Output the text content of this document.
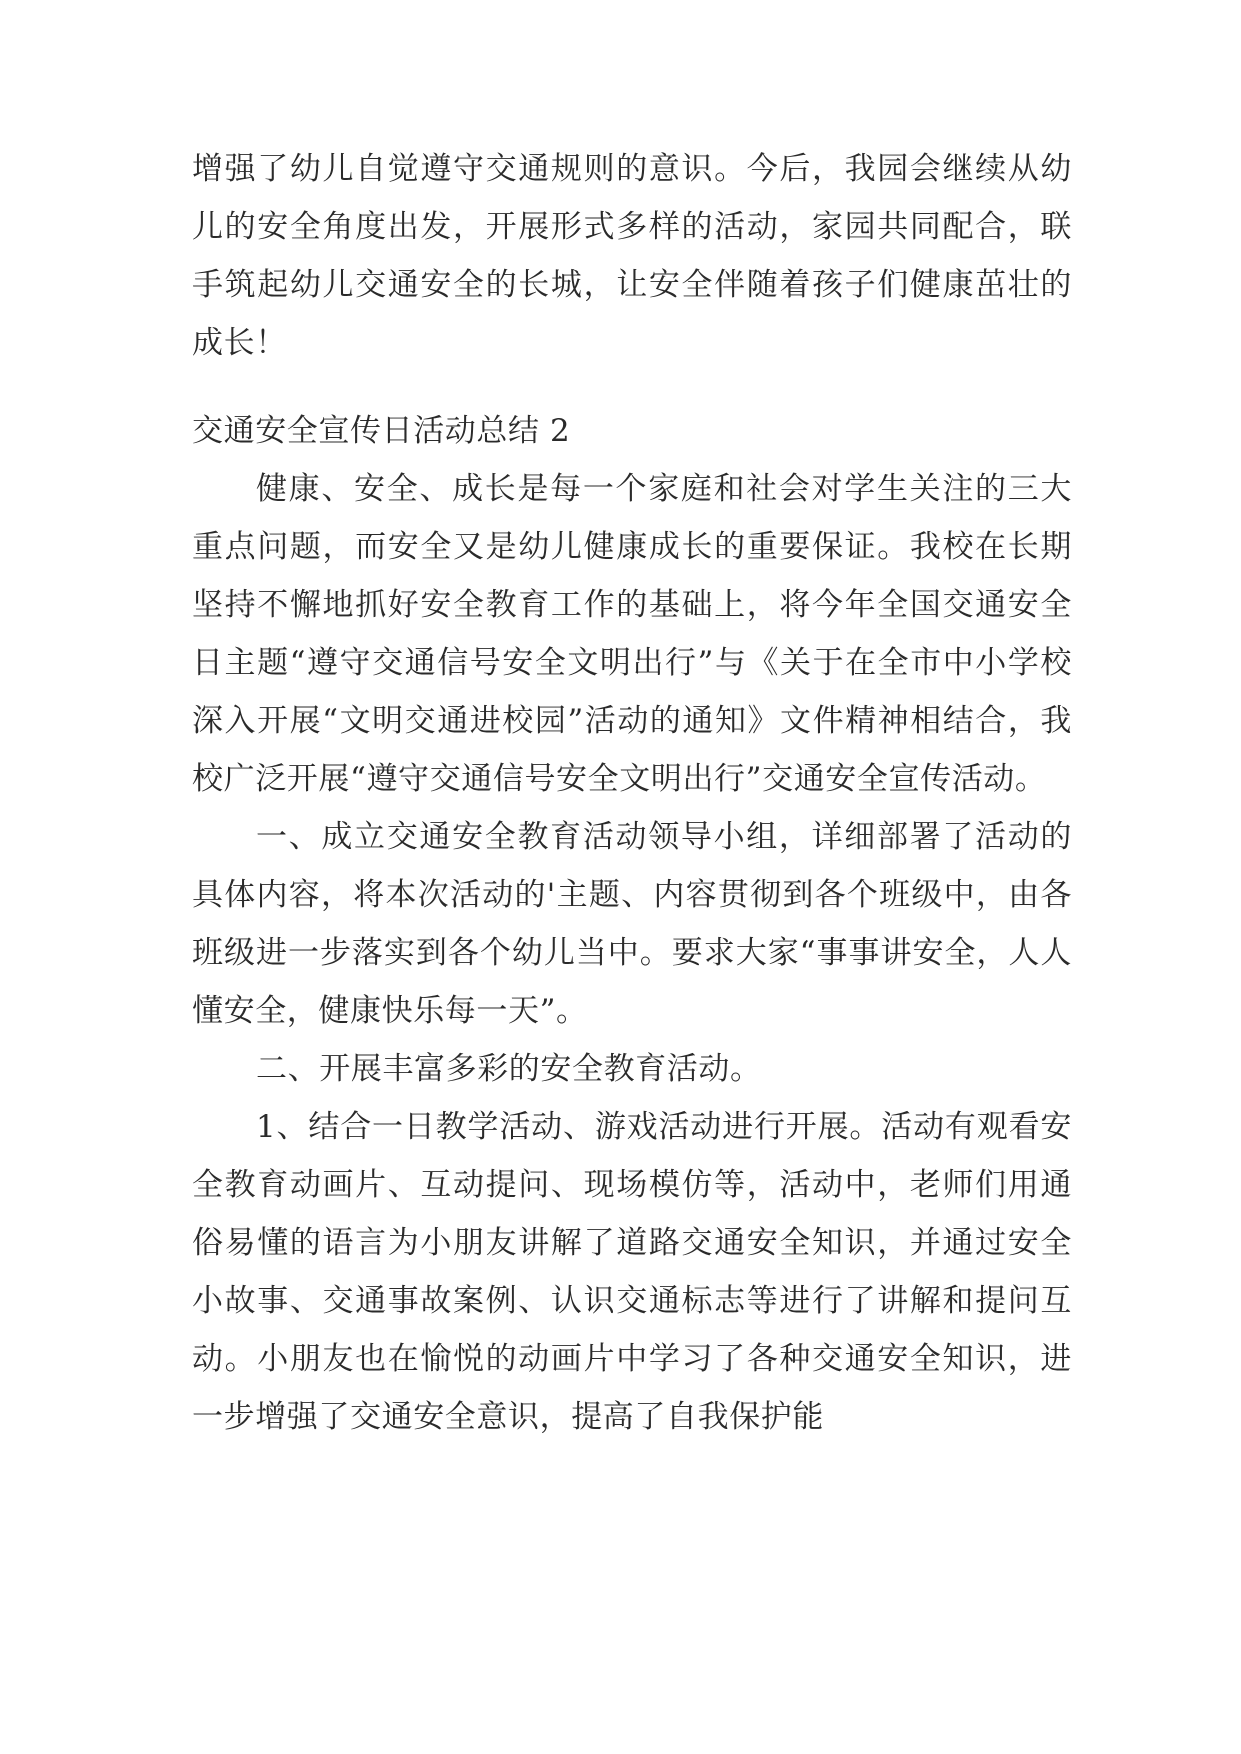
增强了幼儿自觉遵守交通规则的意识。今后，我园会继续从幼儿的安全角度出发，开展形式多样的活动，家园共同配合，联手筑起幼儿交通安全的长城，让安全伴随着孩子们健康茁壮的成长！

交通安全宣传日活动总结 2

健康、安全、成长是每一个家庭和社会对学生关注的三大重点问题，而安全又是幼儿健康成长的重要保证。我校在长期坚持不懈地抓好安全教育工作的基础上，将今年全国交通安全日主题“遵守交通信号安全文明出行”与《关于在全市中小学校深入开展“文明交通进校园”活动的通知》文件精神相结合，我校广泛开展“遵守交通信号安全文明出行”交通安全宣传活动。

一、成立交通安全教育活动领导小组，详细部署了活动的具体内容，将本次活动的'主题、内容贯彻到各个班级中，由各班级进一步落实到各个幼儿当中。要求大家“事事讲安全，人人懂安全，健康快乐每一天”。

二、开展丰富多彩的安全教育活动。

1、结合一日教学活动、游戏活动进行开展。活动有观看安全教育动画片、互动提问、现场模仿等，活动中，老师们用通俗易懂的语言为小朋友讲解了道路交通安全知识，并通过安全小故事、交通事故案例、认识交通标志等进行了讲解和提问互动。小朋友也在愉悦的动画片中学习了各种交通安全知识，进一步增强了交通安全意识，提高了自我保护能
